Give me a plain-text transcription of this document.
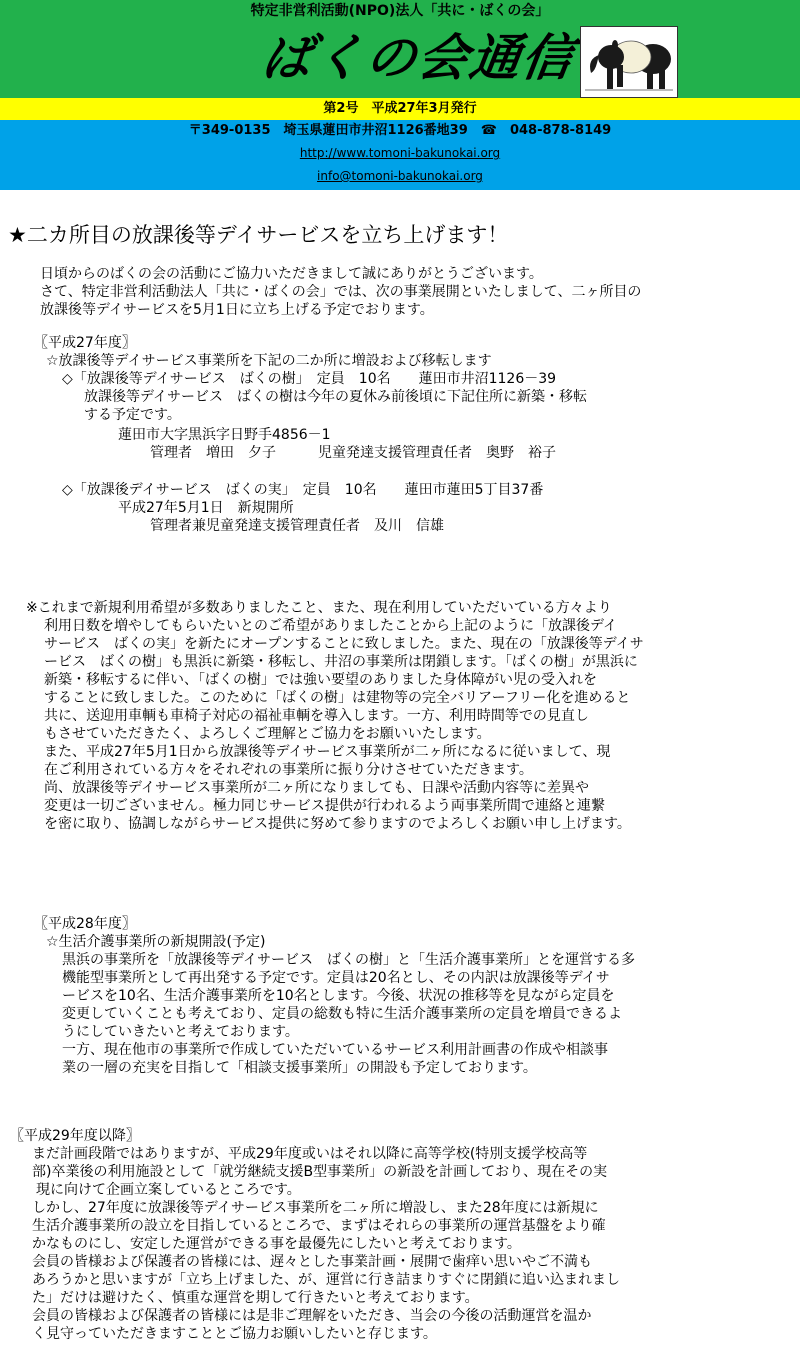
特定非営利活動(NPO)法人「共に・ばくの会」
ばくの会通信
第2号　平成27年3月発行
〒349-0135　埼玉県蓮田市井沼1126番地39　☎　048-878-8149
http://www.tomoni-bakunokai.org
info@tomoni-bakunokai.org
★二カ所目の放課後等デイサービスを立ち上げます！

日頃からのばくの会の活動にご協力いただきまして誠にありがとうございます。

さて、特定非営利活動法人「共に・ばくの会」では、次の事業展開といたしまして、二ヶ所目の

放課後等デイサービスを5月1日に立ち上げる予定でおります。

〖平成27年度〗

☆放課後等デイサービス事業所を下記の二か所に増設および移転します

◇「放課後等デイサービス　ばくの樹」　定員　10名　　蓮田市井沼1126－39

放課後等デイサービス　ばくの樹は今年の夏休み前後頃に下記住所に新築・移転

する予定です。

蓮田市大字黒浜字日野手4856－1

管理者　増田　夕子　　　児童発達支援管理責任者　奥野　裕子

◇「放課後デイサービス　ばくの実」　定員　10名　　蓮田市蓮田5丁目37番

平成27年5月1日　新規開所

管理者兼児童発達支援管理責任者　及川　信雄

※これまで新規利用希望が多数ありましたこと、また、現在利用していただいている方々より

利用日数を増やしてもらいたいとのご希望がありましたことから上記のように「放課後デイ

サービス　ばくの実」を新たにオープンすることに致しました。また、現在の「放課後等デイサ

ービス　ばくの樹」も黒浜に新築・移転し、井沼の事業所は閉鎖します。「ばくの樹」が黒浜に

新築・移転するに伴い、「ばくの樹」では強い要望のありました身体障がい児の受入れを

することに致しました。このために「ばくの樹」は建物等の完全バリアーフリー化を進めると

共に、送迎用車輌も車椅子対応の福祉車輌を導入します。一方、利用時間等での見直し

もさせていただきたく、よろしくご理解とご協力をお願いいたします。

また、平成27年5月1日から放課後等デイサービス事業所が二ヶ所になるに従いまして、現

在ご利用されている方々をそれぞれの事業所に振り分けさせていただきます。

尚、放課後等デイサービス事業所が二ヶ所になりましても、日課や活動内容等に差異や

変更は一切ございません。極力同じサービス提供が行われるよう両事業所間で連絡と連繋

を密に取り、協調しながらサービス提供に努めて参りますのでよろしくお願い申し上げます。

〖平成28年度〗

☆生活介護事業所の新規開設(予定)

黒浜の事業所を「放課後等デイサービス　ばくの樹」と「生活介護事業所」とを運営する多

機能型事業所として再出発する予定です。定員は20名とし、その内訳は放課後等デイサ

ービスを10名、生活介護事業所を10名とします。今後、状況の推移等を見ながら定員を

変更していくことも考えており、定員の総数も特に生活介護事業所の定員を増員できるよ

うにしていきたいと考えております。

一方、現在他市の事業所で作成していただいているサービス利用計画書の作成や相談事

業の一層の充実を目指して「相談支援事業所」の開設も予定しております。

〖平成29年度以降〗

まだ計画段階ではありますが、平成29年度或いはそれ以降に高等学校(特別支援学校高等

部)卒業後の利用施設として「就労継続支援B型事業所」の新設を計画しており、現在その実

現に向けて企画立案しているところです。

しかし、27年度に放課後等デイサービス事業所を二ヶ所に増設し、また28年度には新規に

生活介護事業所の設立を目指しているところで、まずはそれらの事業所の運営基盤をより確

かなものにし、安定した運営ができる事を最優先にしたいと考えております。

会員の皆様および保護者の皆様には、遅々とした事業計画・展開で歯痒い思いやご不満も

あろうかと思いますが「立ち上げました、が、運営に行き詰まりすぐに閉鎖に追い込まれまし

た」だけは避けたく、慎重な運営を期して行きたいと考えております。

会員の皆様および保護者の皆様には是非ご理解をいただき、当会の今後の活動運営を温か

く見守っていただきますこととご協力お願いしたいと存じます。
